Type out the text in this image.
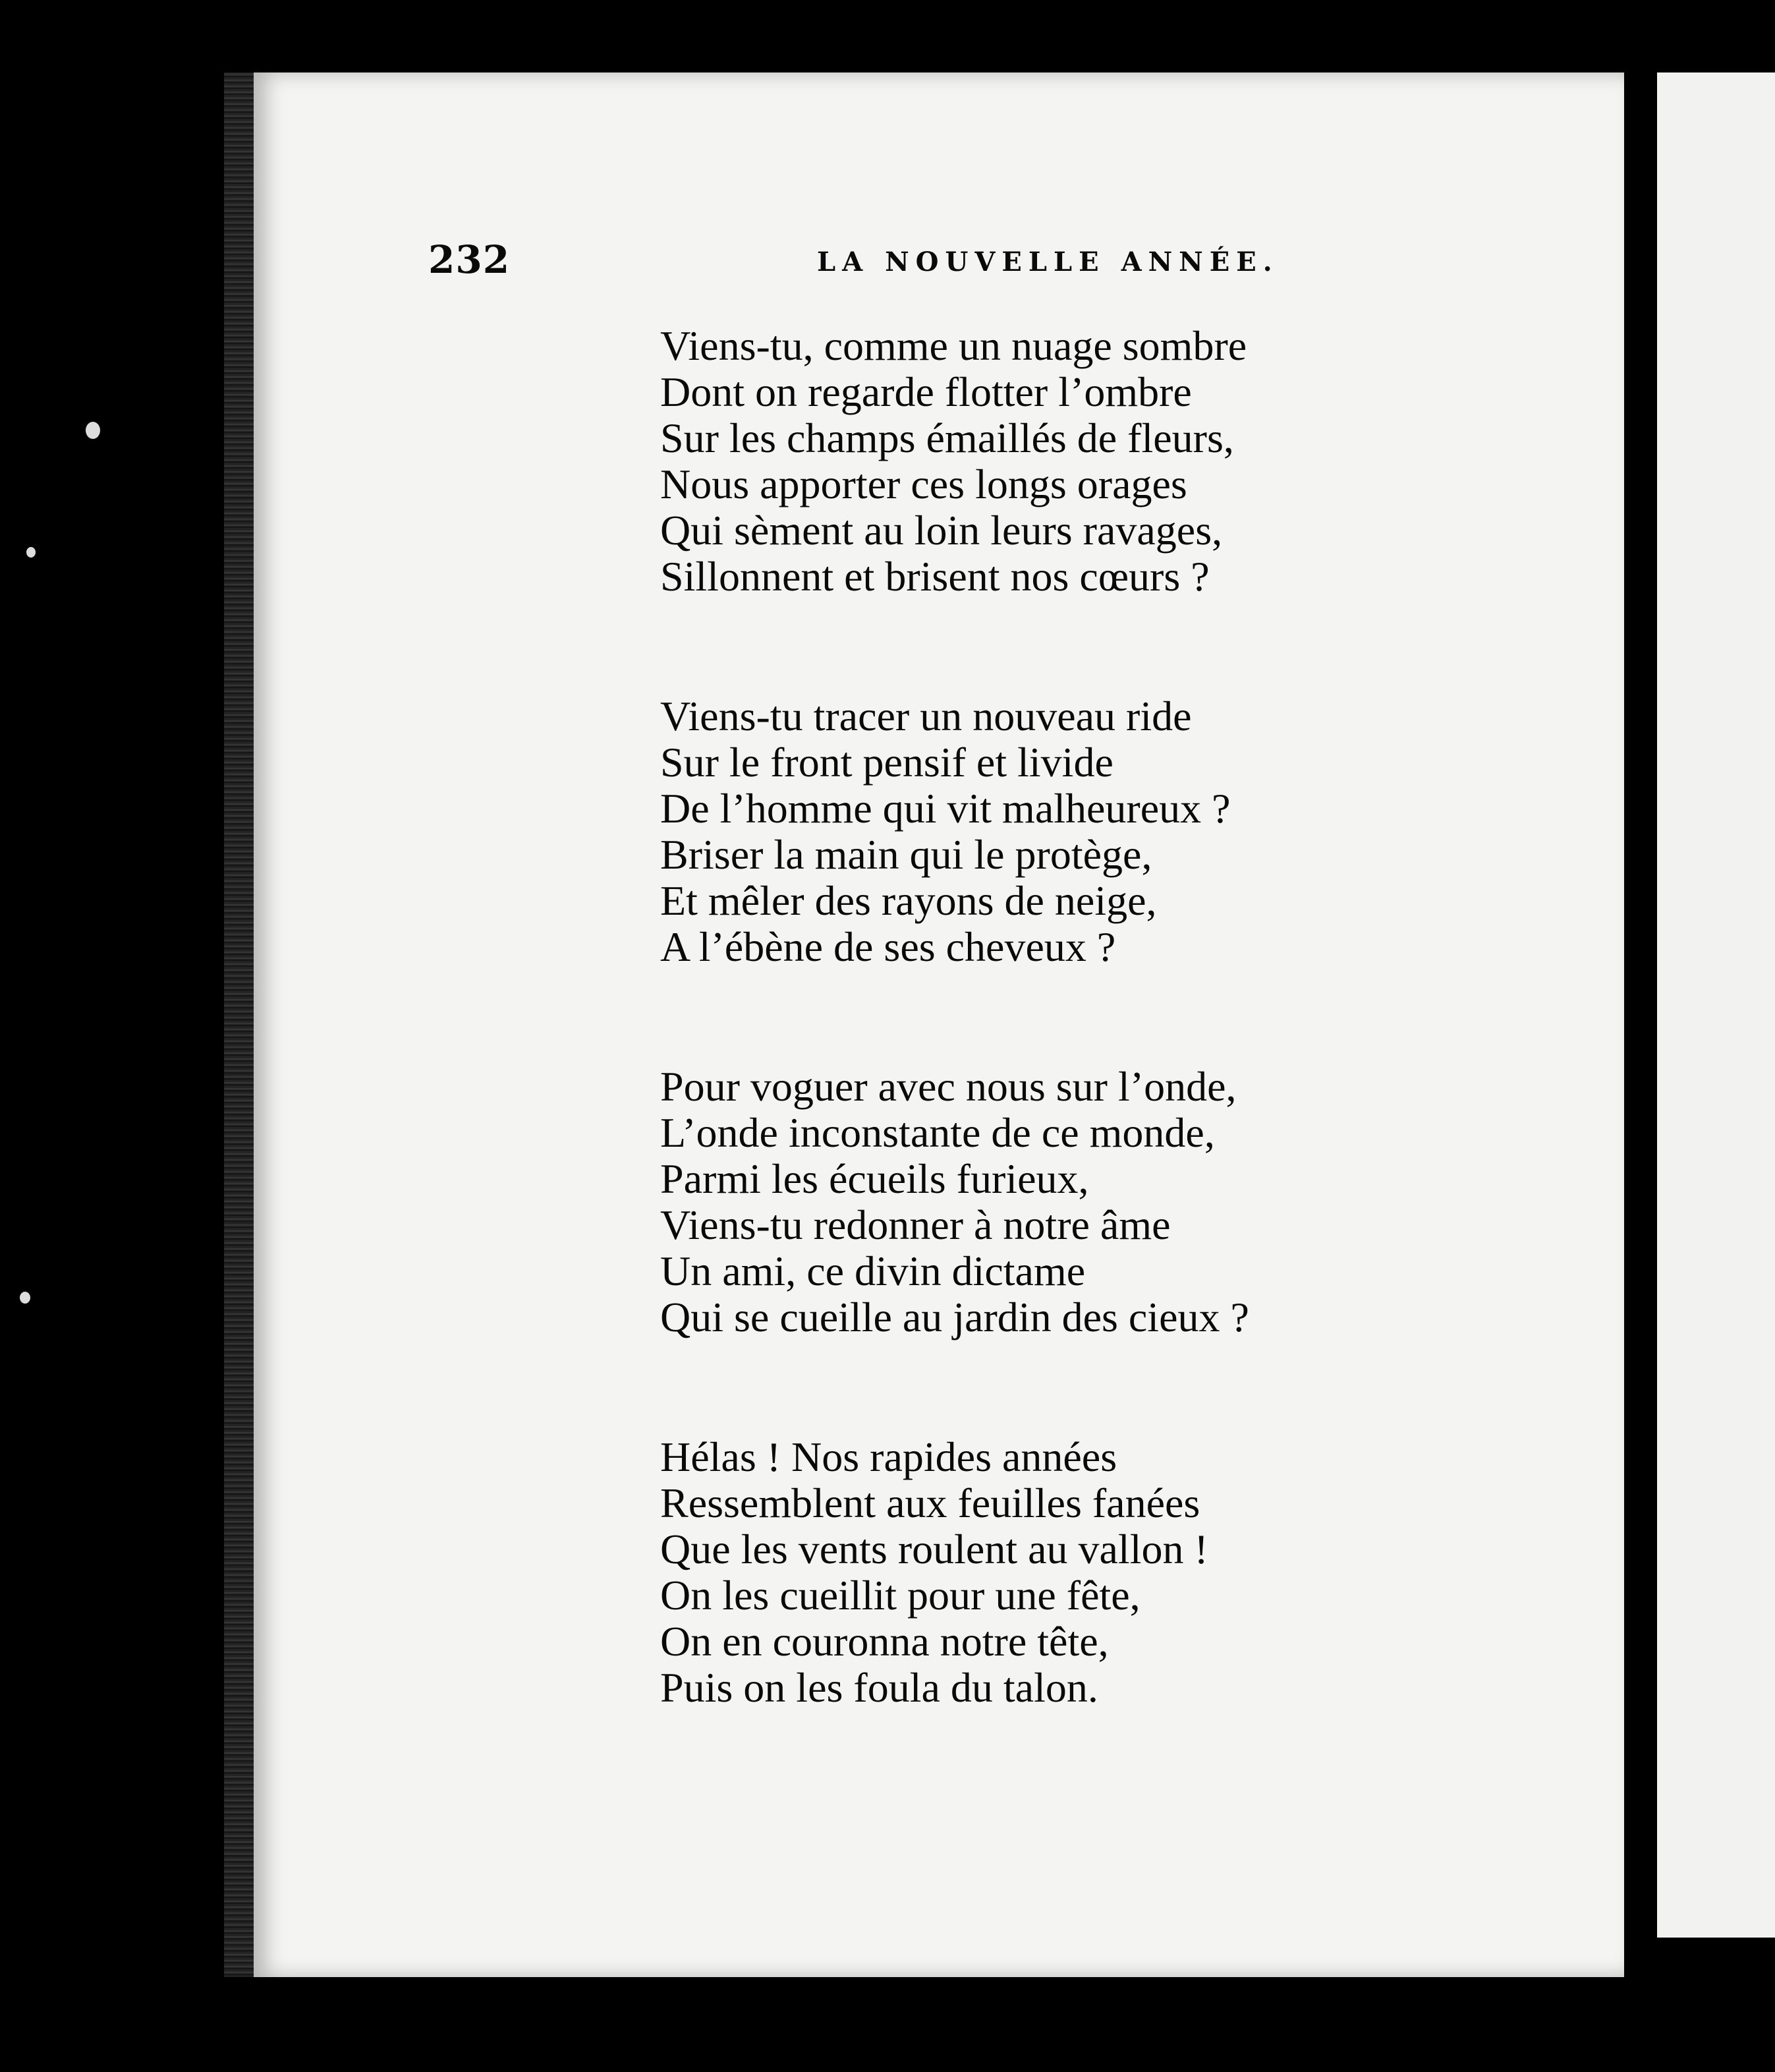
232	LA NOUVELLE ANNÉE.
Viens-tu, comme un nuage sombre
Dont on regarde flotter l’ombre
Sur les champs émaillés de fleurs,
Nous apporter ces longs orages
Qui sèment au loin leurs ravages,
Sillonnent et brisent nos cœurs ?
Viens-tu tracer un nouveau ride
Sur le front pensif et livide
De l’homme qui vit malheureux ?
Briser la main qui le protège,
Et mêler des rayons de neige,
A l’ébène de ses cheveux ?
Pour voguer avec nous sur l’onde,
L’onde inconstante de ce monde,
Parmi les écueils furieux,
Viens-tu redonner à notre âme
Un ami, ce divin dictame
Qui se cueille au jardin des cieux ?
Hélas ! Nos rapides années
Ressemblent aux feuilles fanées
Que les vents roulent au vallon !
On les cueillit pour une fête,
On en couronna notre tête,
Puis on les foula du talon.
